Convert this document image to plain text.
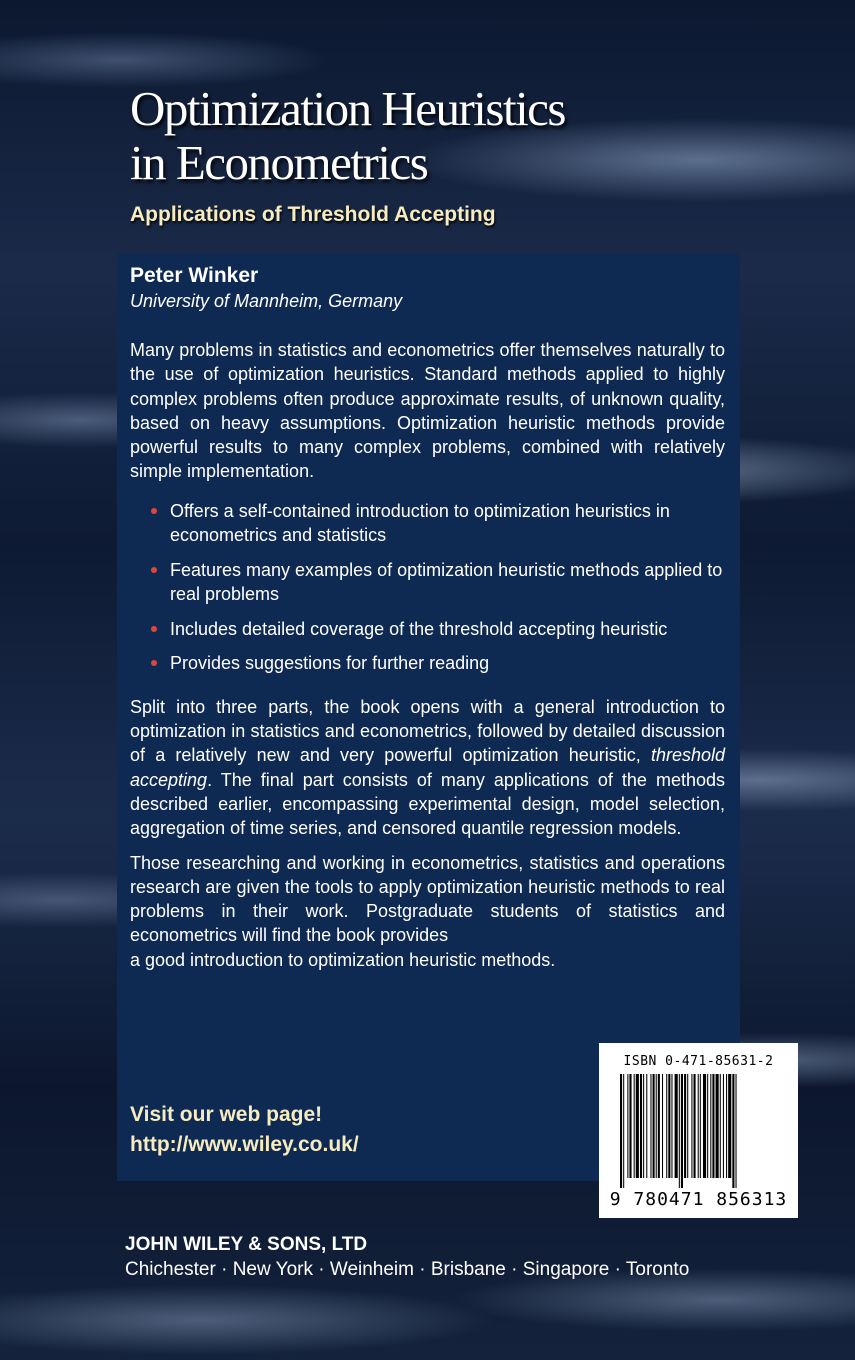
Optimization Heuristics
in Econometrics
Applications of Threshold Accepting

Peter Winker

University of Mannheim, Germany

Many problems in statistics and econometrics offer themselves naturally to the use of optimization heuristics. Standard methods applied to highly complex problems often produce approximate results, of unknown quality, based on heavy assumptions. Optimization heuristic methods provide powerful results to many complex problems, combined with relatively simple implementation.

Offers a self-contained introduction to optimization heuristics in econometrics and statistics
Features many examples of optimization heuristic methods applied to real problems
Includes detailed coverage of the threshold accepting heuristic
Provides suggestions for further reading

Split into three parts, the book opens with a general introduction to optimization in statistics and econometrics, followed by detailed discussion of a relatively new and very powerful optimization heuristic, threshold accepting. The final part consists of many applications of the methods described earlier, encompassing experimental design, model selection, aggregation of time series, and censored quantile regression models.

Those researching and working in econometrics, statistics and operations research are given the tools to apply optimization heuristic methods to real problems in their work. Postgraduate students of statistics and econometrics will find the book provides
a good introduction to optimization heuristic methods.

Visit our web page!
http://www.wiley.co.uk/
ISBN 0-471-85631-2
9 780471 856313
JOHN WILEY & SONS, LTD
Chichester · New York · Weinheim · Brisbane · Singapore · Toronto
